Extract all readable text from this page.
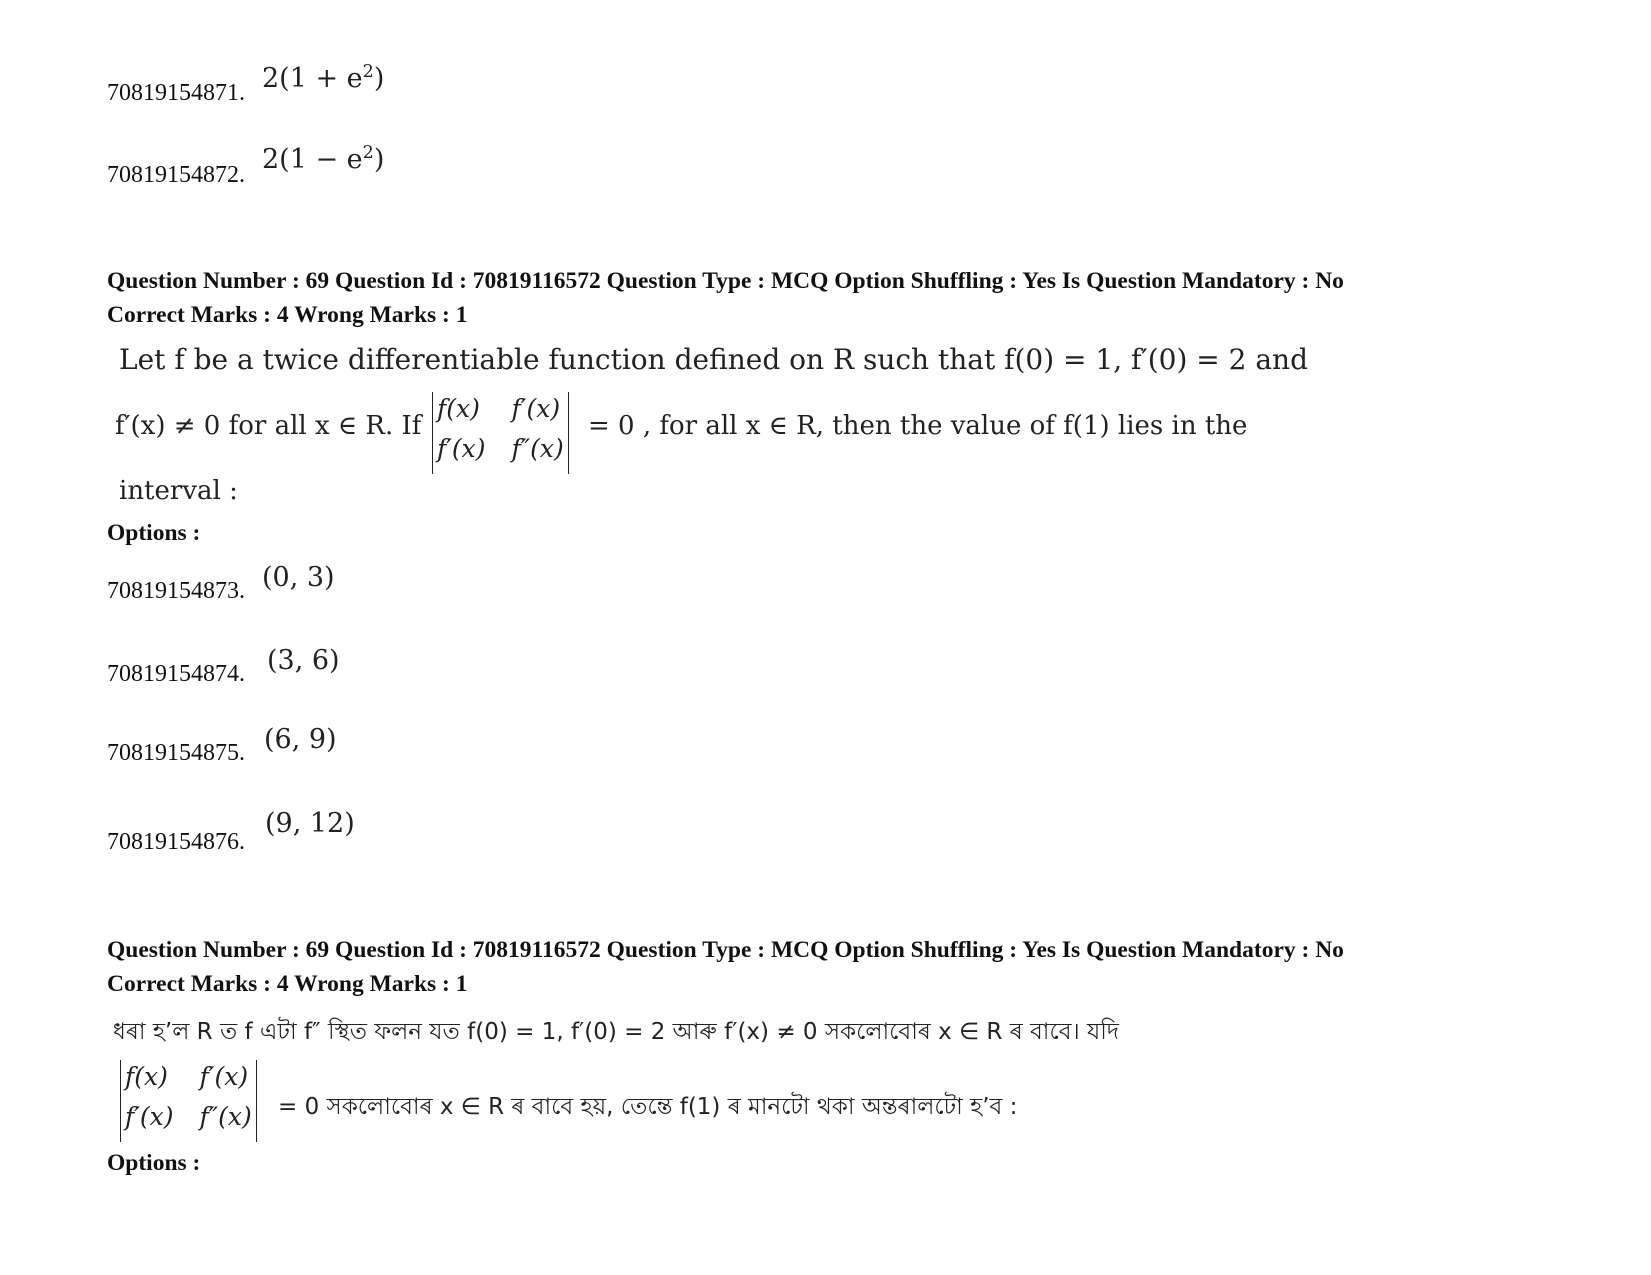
70819154871. $2(1 + e^2)$
70819154872. $2(1 - e^2)$
Question Number : 69 Question Id : 70819116572 Question Type : MCQ Option Shuffling : Yes Is Question Mandatory : No
Correct Marks : 4 Wrong Marks : 1
Let f be a twice differentiable function defined on R such that f(0) = 1, f′(0) = 2 and
f′(x) ≠ 0 for all x ∈ R. If
f(x) f′(x)
f′(x) f″(x)
= 0 , for all x ∈ R, then the value of f(1) lies in the
interval :
Options :
70819154873. (0, 3)
70819154874. (3, 6)
70819154875. (6, 9)
70819154876.
(9, 12)
Question Number : 69 Question Id : 70819116572 Question Type : MCQ Option Shuffling : Yes Is Question Mandatory : No
Correct Marks : 4 Wrong Marks : 1
ধৰা হ’ল R ত f এটা f″ স্থিত ফলন যত f(0) = 1, f′(0) = 2 আৰু f′(x) ≠ 0 সকলোবোৰ x ∈ R ৰ বাবে। যদি
f(x) f′(x)
f′(x) f″(x) = 0 সকলোবোৰ x ∈ R ৰ বাবে হয়, তেন্তে f(1) ৰ মানটো থকা অন্তৰালটো হ’ব :
Options :
